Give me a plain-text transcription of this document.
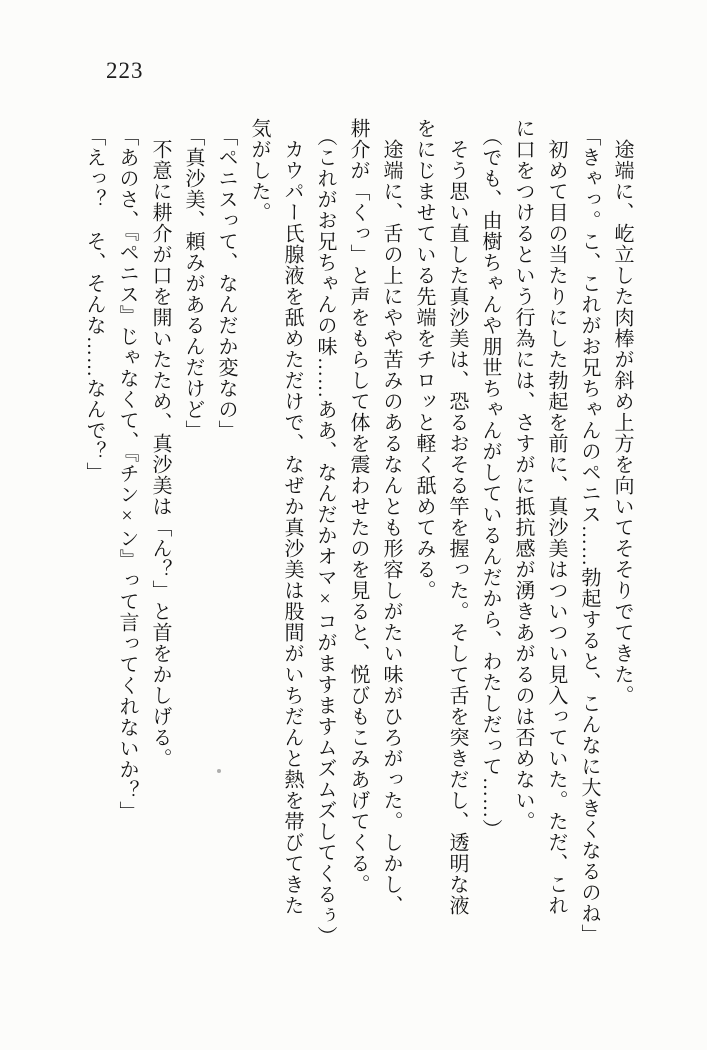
223
途端に、屹立した肉棒が斜め上方を向いてそそりでてきた。
「きゃっ。こ、これがお兄ちゃんのペニス……勃起すると、こんなに大きくなるのね」
初めて目の当たりにした勃起を前に、真沙美はついつい見入っていた。ただ、これ
に口をつけるという行為には、さすがに抵抗感が湧きあがるのは否めない。
（でも、由樹ちゃんや朋世ちゃんがしているんだから、わたしだって……）
そう思い直した真沙美は、恐るおそる竿を握った。そして舌を突きだし、透明な液
をにじませている先端をチロッと軽く舐めてみる。
途端に、舌の上にやや苦みのあるなんとも形容しがたい味がひろがった。しかし、
耕介が「くっ」と声をもらして体を震わせたのを見ると、悦びもこみあげてくる。
（これがお兄ちゃんの味……ああ、なんだかオマ×コがますますムズムズしてくるぅ）
カウパー氏腺液を舐めただけで、なぜか真沙美は股間がいちだんと熱を帯びてきた
気がした。
「ペニスって、なんだか変なの」
「真沙美、頼みがあるんだけど」
不意に耕介が口を開いたため、真沙美は「ん？」と首をかしげる。
「あのさ、『ペニス』じゃなくて、『チン×ン』って言ってくれないか？」
「えっ？　そ、そんな……なんで？」
